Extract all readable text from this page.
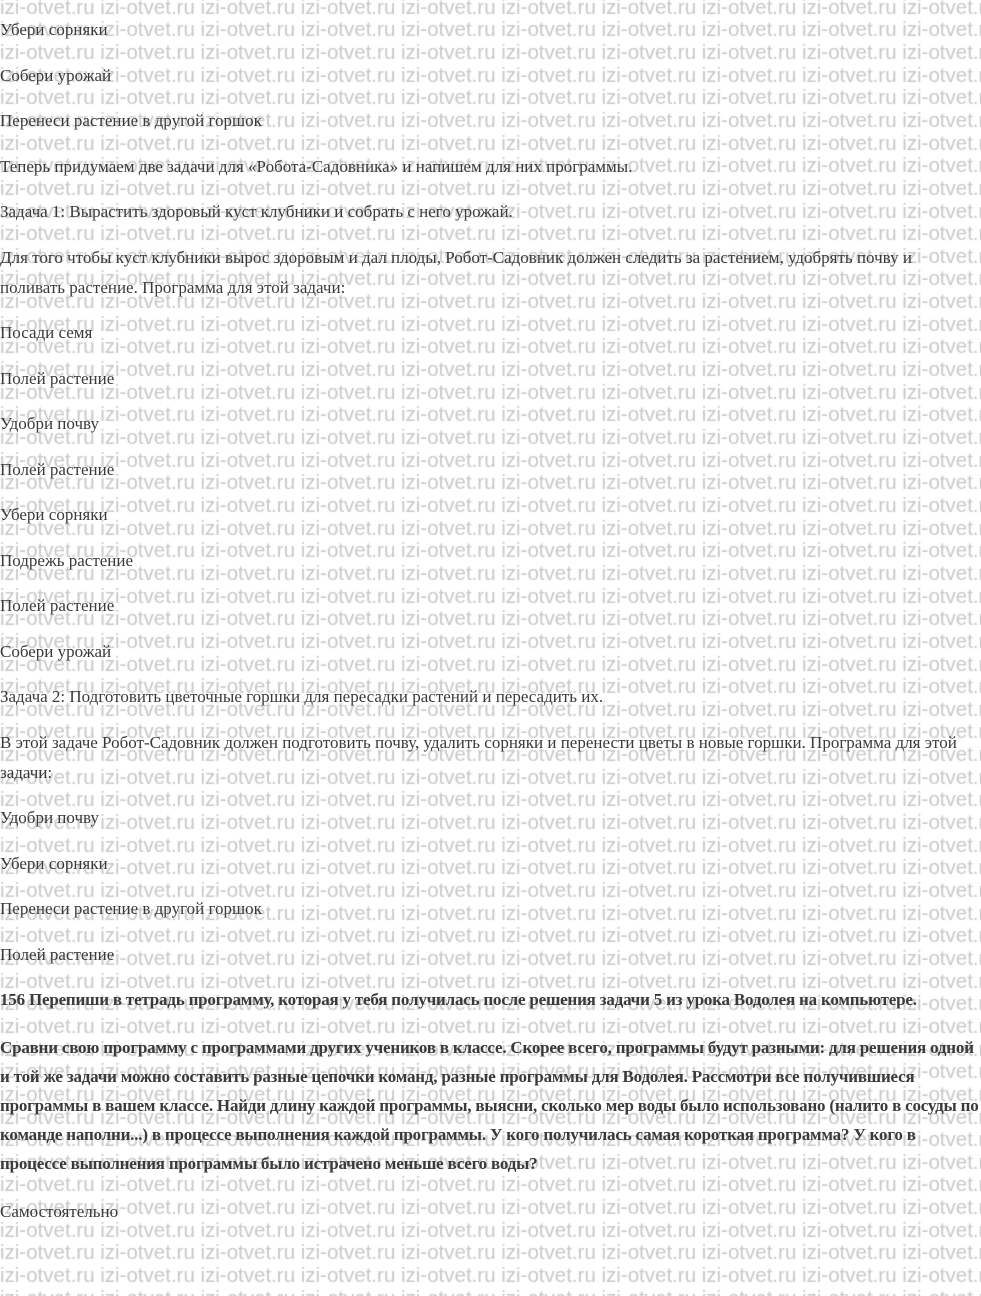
Убери сорняки

Собери урожай

Перенеси растение в другой горшок

Теперь придумаем две задачи для «Робота-Садовника» и напишем для них программы.

Задача 1: Вырастить здоровый куст клубники и собрать с него урожай.

Для того чтобы куст клубники вырос здоровым и дал плоды, Робот-Садовник должен следить за растением, удобрять почву и поливать растение. Программа для этой задачи:

Посади семя

Полей растение

Удобри почву

Полей растение

Убери сорняки

Подрежь растение

Полей растение

Собери урожай

Задача 2: Подготовить цветочные горшки для пересадки растений и пересадить их.

В этой задаче Робот-Садовник должен подготовить почву, удалить сорняки и перенести цветы в новые горшки. Программа для этой задачи:

Удобри почву

Убери сорняки

Перенеси растение в другой горшок

Полей растение

156 Перепиши в тетрадь программу, которая у тебя получилась после решения задачи 5 из урока Водолея на компьютере.

Сравни свою программу с программами других учеников в классе. Скорее всего, программы будут разными: для решения одной и той же задачи можно составить разные цепочки команд, разные программы для Водолея. Рассмотри все получившиеся программы в вашем классе. Найди длину каждой программы, выясни, сколько мер воды было использовано (налито в сосуды по команде наполни...) в процессе выполнения каждой программы. У кого получилась самая короткая программа? У кого в процессе выполнения программы было истрачено меньше всего воды?

Самостоятельно
